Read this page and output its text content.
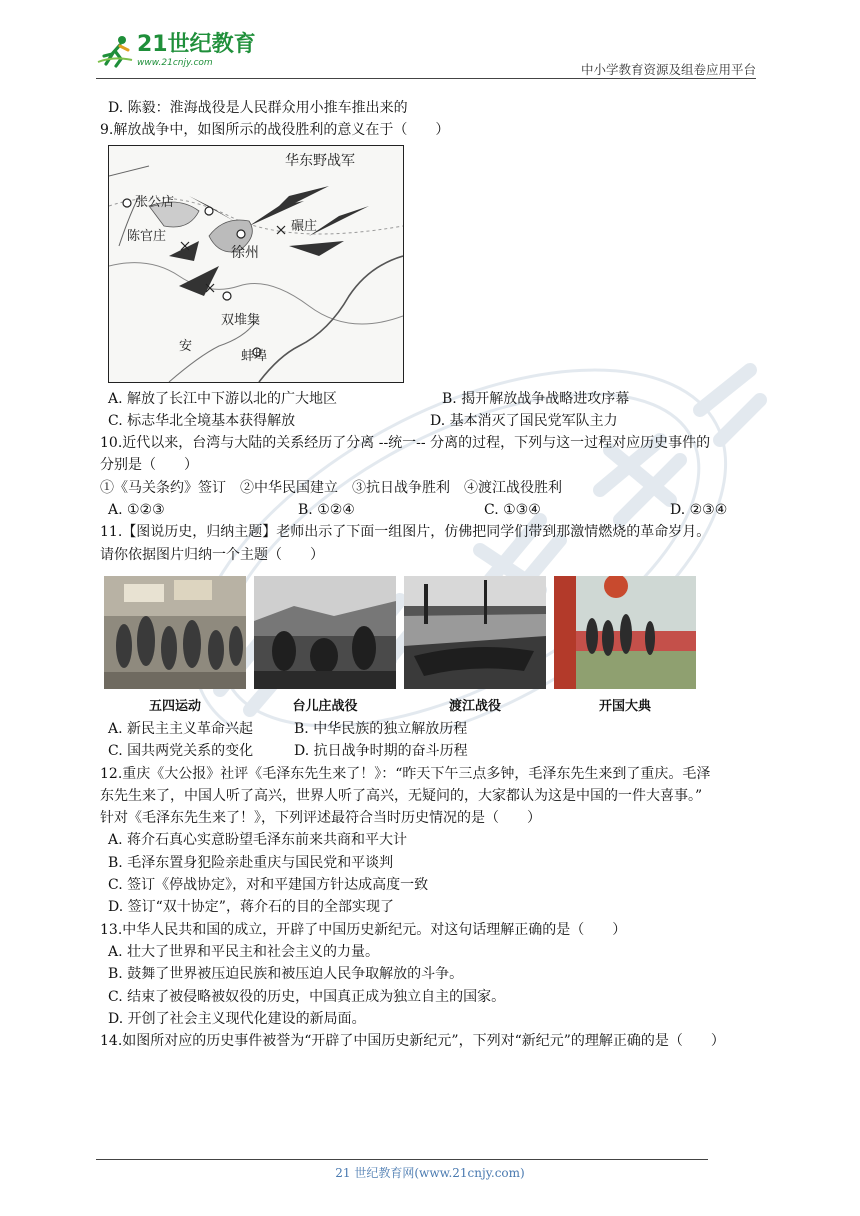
21世纪教育
www.21cnjy.com	中小学教育资源及组卷应用平台
D. 陈毅：淮海战役是人民群众用小推车推出来的
9.解放战争中，如图所示的战役胜利的意义在于（　　）
华东野战军
张公店
碾庄
陈官庄
徐州
双堆集
安
蚌埠
A. 解放了长江中下游以北的广大地区	B. 揭开解放战争战略进攻序幕
C. 标志华北全境基本获得解放	D. 基本消灭了国民党军队主力
10.近代以来，台湾与大陆的关系经历了分离 --统一-- 分离的过程，下列与这一过程对应历史事件的
分别是（　　）
①《马关条约》签订　②中华民国建立　③抗日战争胜利　④渡江战役胜利
A. ①②③	B. ①②④	C. ①③④	D. ②③④
11.【图说历史，归纳主题】老师出示了下面一组图片，仿佛把同学们带到那激情燃烧的革命岁月。
请你依据图片归纳一个主题（　　）
五四运动	台儿庄战役	渡江战役	开国大典
A. 新民主主义革命兴起	B. 中华民族的独立解放历程
C. 国共两党关系的变化	D. 抗日战争时期的奋斗历程
12.重庆《大公报》社评《毛泽东先生来了！》：“昨天下午三点多钟，毛泽东先生来到了重庆。毛泽
东先生来了，中国人听了高兴，世界人听了高兴，无疑问的，大家都认为这是中国的一件大喜事。”
针对《毛泽东先生来了！》，下列评述最符合当时历史情况的是（　　）
A. 蒋介石真心实意盼望毛泽东前来共商和平大计
B. 毛泽东置身犯险亲赴重庆与国民党和平谈判
C. 签订《停战协定》，对和平建国方针达成高度一致
D. 签订“双十协定”，蒋介石的目的全部实现了
13.中华人民共和国的成立，开辟了中国历史新纪元。对这句话理解正确的是（　　）
A. 壮大了世界和平民主和社会主义的力量。
B. 鼓舞了世界被压迫民族和被压迫人民争取解放的斗争。
C. 结束了被侵略被奴役的历史，中国真正成为独立自主的国家。
D. 开创了社会主义现代化建设的新局面。
14.如图所对应的历史事件被誉为“开辟了中国历史新纪元”，下列对“新纪元”的理解正确的是（　　）
21 世纪教育网(www.21cnjy.com)
